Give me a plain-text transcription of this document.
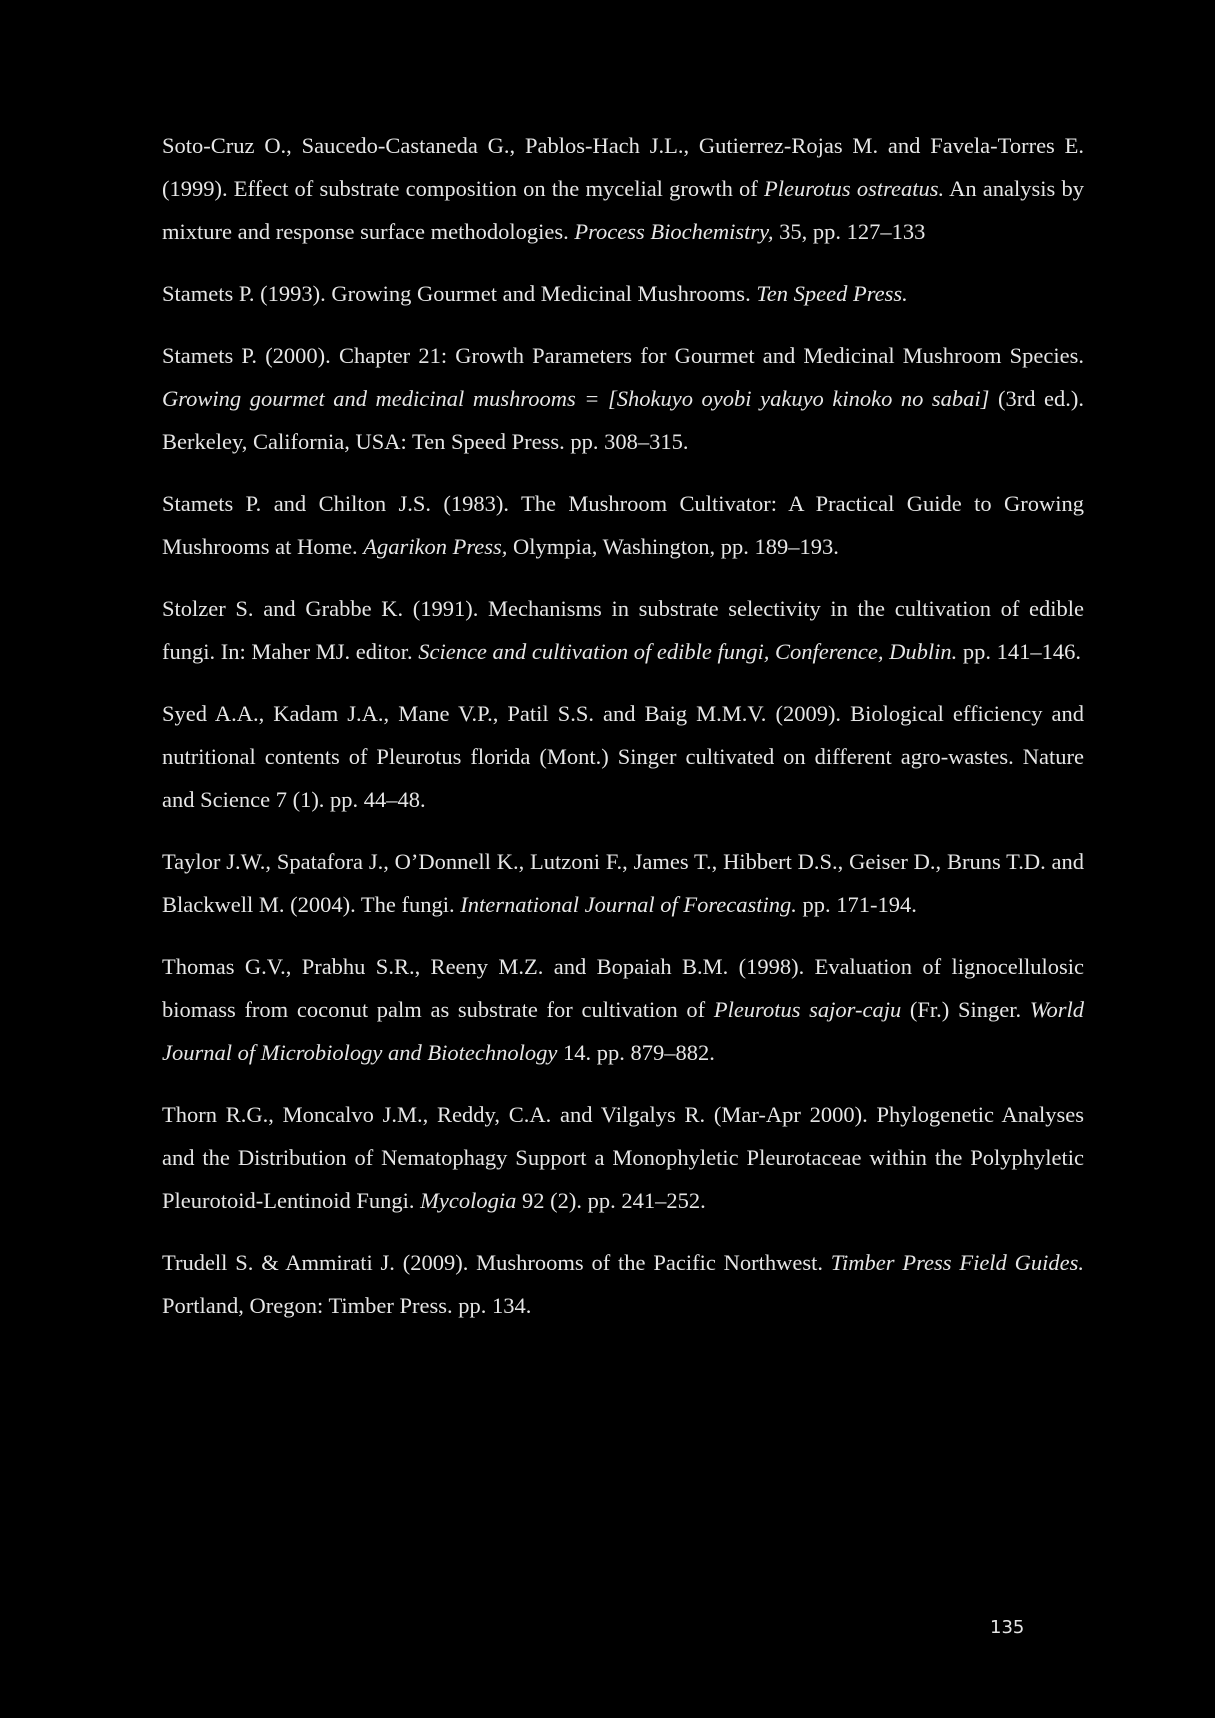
Soto-Cruz O., Saucedo-Castaneda G., Pablos-Hach J.L., Gutierrez-Rojas M. and Favela-Torres E. (1999). Effect of substrate composition on the mycelial growth of Pleurotus ostreatus. An analysis by mixture and response surface methodologies. Process Biochemistry, 35, pp. 127–133

Stamets P. (1993). Growing Gourmet and Medicinal Mushrooms. Ten Speed Press.

Stamets P. (2000). Chapter 21: Growth Parameters for Gourmet and Medicinal Mushroom Species. Growing gourmet and medicinal mushrooms = [Shokuyo oyobi yakuyo kinoko no sabai] (3rd ed.). Berkeley, California, USA: Ten Speed Press. pp. 308–315.

Stamets P. and Chilton J.S. (1983). The Mushroom Cultivator: A Practical Guide to Growing Mushrooms at Home. Agarikon Press, Olympia, Washington, pp. 189–193.

Stolzer S. and Grabbe K. (1991). Mechanisms in substrate selectivity in the cultivation of edible fungi. In: Maher MJ. editor. Science and cultivation of edible fungi, Conference, Dublin. pp. 141–146.

Syed A.A., Kadam J.A., Mane V.P., Patil S.S. and Baig M.M.V. (2009). Biological efficiency and nutritional contents of Pleurotus florida (Mont.) Singer cultivated on different agro-wastes. Nature and Science 7 (1). pp. 44–48.

Taylor J.W., Spatafora J., O’Donnell K., Lutzoni F., James T., Hibbert D.S., Geiser D., Bruns T.D. and Blackwell M. (2004). The fungi. International Journal of Forecasting. pp. 171-194.

Thomas G.V., Prabhu S.R., Reeny M.Z. and Bopaiah B.M. (1998). Evaluation of lignocellulosic biomass from coconut palm as substrate for cultivation of Pleurotus sajor-caju (Fr.) Singer. World Journal of Microbiology and Biotechnology 14. pp. 879–882.

Thorn R.G., Moncalvo J.M., Reddy, C.A. and Vilgalys R. (Mar-Apr 2000). Phylogenetic Analyses and the Distribution of Nematophagy Support a Monophyletic Pleurotaceae within the Polyphyletic Pleurotoid-Lentinoid Fungi. Mycologia 92 (2). pp. 241–252.

Trudell S. & Ammirati J. (2009). Mushrooms of the Pacific Northwest. Timber Press Field Guides. Portland, Oregon: Timber Press. pp. 134.

135
